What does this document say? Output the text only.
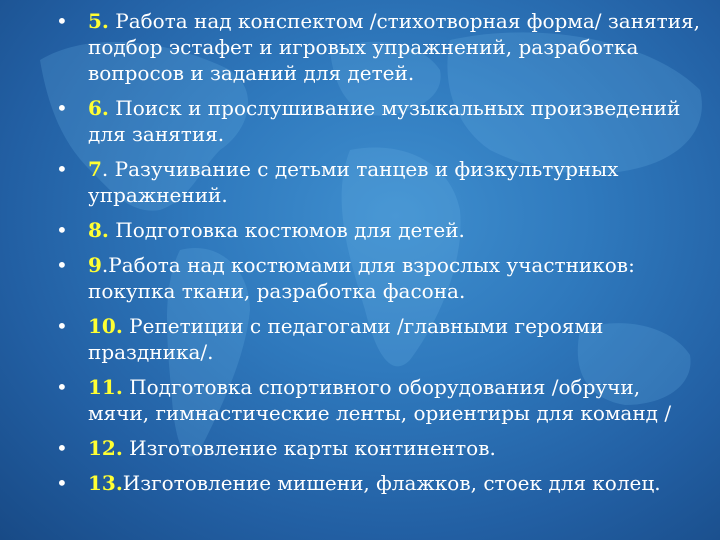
• 5. Работа над конспектом /стихотворная форма/ занятия, подбор эстафет и игровых упражнений, разработка вопросов и заданий для детей.
• 6. Поиск и прослушивание музыкальных произведений для занятия.
• 7. Разучивание с детьми танцев и физкультурных упражнений.
• 8. Подготовка костюмов для детей.
• 9.Работа над костюмами для взрослых участников: покупка ткани, разработка фасона.
• 10. Репетиции с педагогами /главными героями праздника/.
• 11. Подготовка спортивного оборудования /обручи, мячи, гимнастические ленты, ориентиры для команд /
• 12. Изготовление карты континентов.
• 13.Изготовление мишени, флажков, стоек для колец.
